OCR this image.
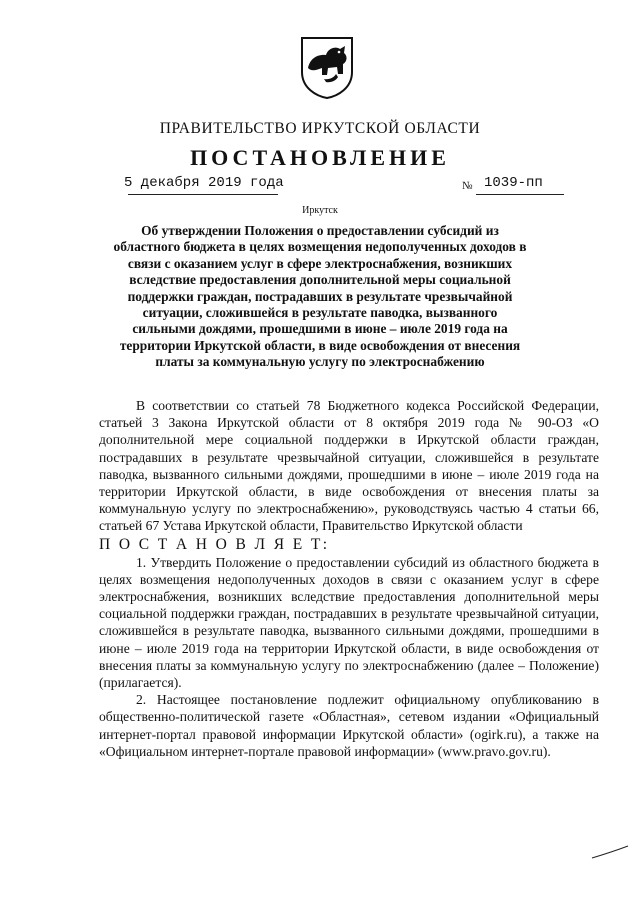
ПРАВИТЕЛЬСТВО ИРКУТСКОЙ ОБЛАСТИ
ПОСТАНОВЛЕНИЕ
5 декабря 2019 года	№ 1039-пп
Иркутск
Об утверждении Положения о предоставлении субсидий из областного бюджета в целях возмещения недополученных доходов в связи с оказанием услуг в сфере электроснабжения, возникших вследствие предоставления дополнительной меры социальной поддержки граждан, пострадавших в результате чрезвычайной ситуации, сложившейся в результате паводка, вызванного сильными дождями, прошедшими в июне – июле 2019 года на территории Иркутской области, в виде освобождения от внесения платы за коммунальную услугу по электроснабжению

В соответствии со статьей 78 Бюджетного кодекса Российской Федерации, статьей 3 Закона Иркутской области от 8 октября 2019 года № 90-ОЗ «О дополнительной мере социальной поддержки в Иркутской области граждан, пострадавших в результате чрезвычайной ситуации, сложившейся в результате паводка, вызванного сильными дождями, прошедшими в июне – июле 2019 года на территории Иркутской области, в виде освобождения от внесения платы за коммунальную услугу по электроснабжению», руководствуясь частью 4 статьи 66, статьей 67 Устава Иркутской области, Правительство Иркутской области

П О С Т А Н О В Л Я Е Т:

1. Утвердить Положение о предоставлении субсидий из областного бюджета в целях возмещения недополученных доходов в связи с оказанием услуг в сфере электроснабжения, возникших вследствие предоставления дополнительной меры социальной поддержки граждан, пострадавших в результате чрезвычайной ситуации, сложившейся в результате паводка, вызванного сильными дождями, прошедшими в июне – июле 2019 года на территории Иркутской области, в виде освобождения от внесения платы за коммунальную услугу по электроснабжению (далее – Положение) (прилагается).

2. Настоящее постановление подлежит официальному опубликованию в общественно-политической газете «Областная», сетевом издании «Официальный интернет-портал правовой информации Иркутской области» (ogirk.ru), а также на «Официальном интернет-портале правовой информации» (www.pravo.gov.ru).
